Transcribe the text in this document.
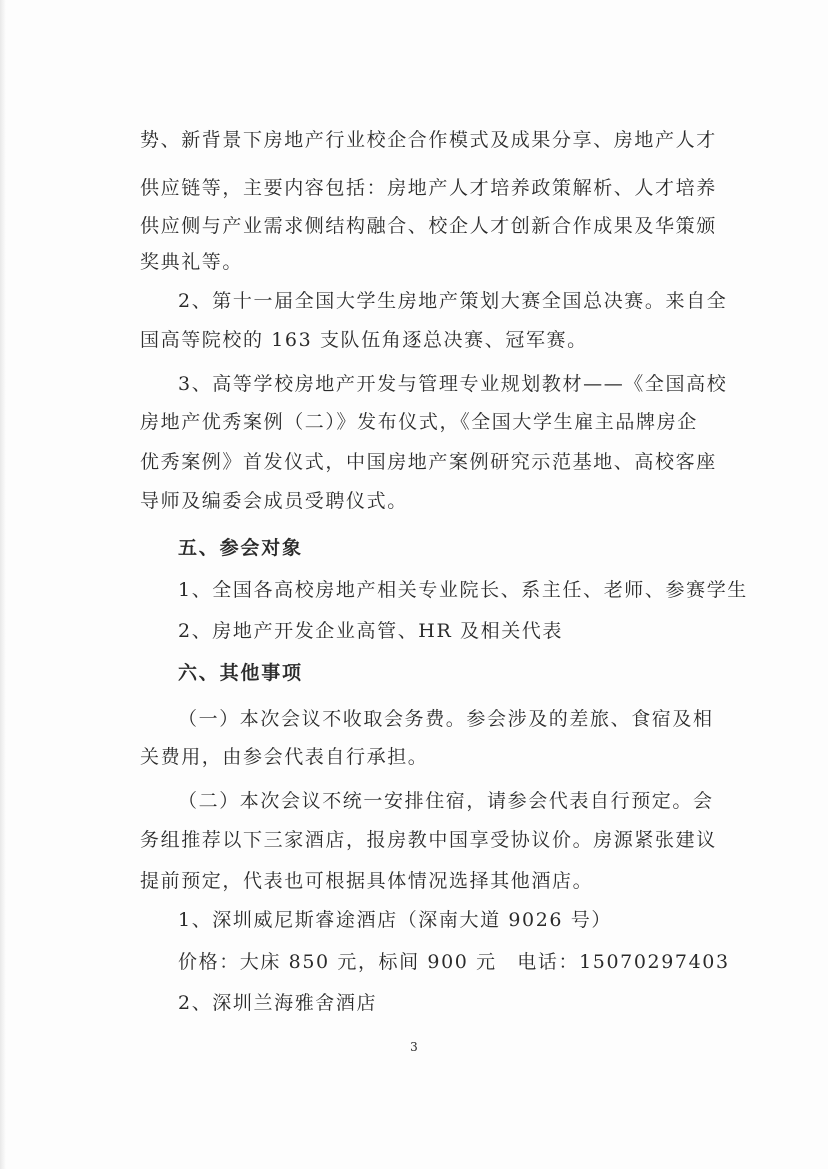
势、新背景下房地产行业校企合作模式及成果分享、房地产人才
供应链等，主要内容包括：房地产人才培养政策解析、人才培养
供应侧与产业需求侧结构融合、校企人才创新合作成果及华策颁
奖典礼等。
2、第十一届全国大学生房地产策划大赛全国总决赛。来自全
国高等院校的 163 支队伍角逐总决赛、冠军赛。
3、高等学校房地产开发与管理专业规划教材——《全国高校
房地产优秀案例（二）》发布仪式，《全国大学生雇主品牌房企
优秀案例》首发仪式，中国房地产案例研究示范基地、高校客座
导师及编委会成员受聘仪式。
五、参会对象
1、全国各高校房地产相关专业院长、系主任、老师、参赛学生
2、房地产开发企业高管、HR 及相关代表
六、其他事项
（一）本次会议不收取会务费。参会涉及的差旅、食宿及相
关费用，由参会代表自行承担。
（二）本次会议不统一安排住宿，请参会代表自行预定。会
务组推荐以下三家酒店，报房教中国享受协议价。房源紧张建议
提前预定，代表也可根据具体情况选择其他酒店。
1、深圳威尼斯睿途酒店（深南大道 9026 号）
价格：大床 850 元，标间 900 元　电话：15070297403
2、深圳兰海雅舍酒店
3
